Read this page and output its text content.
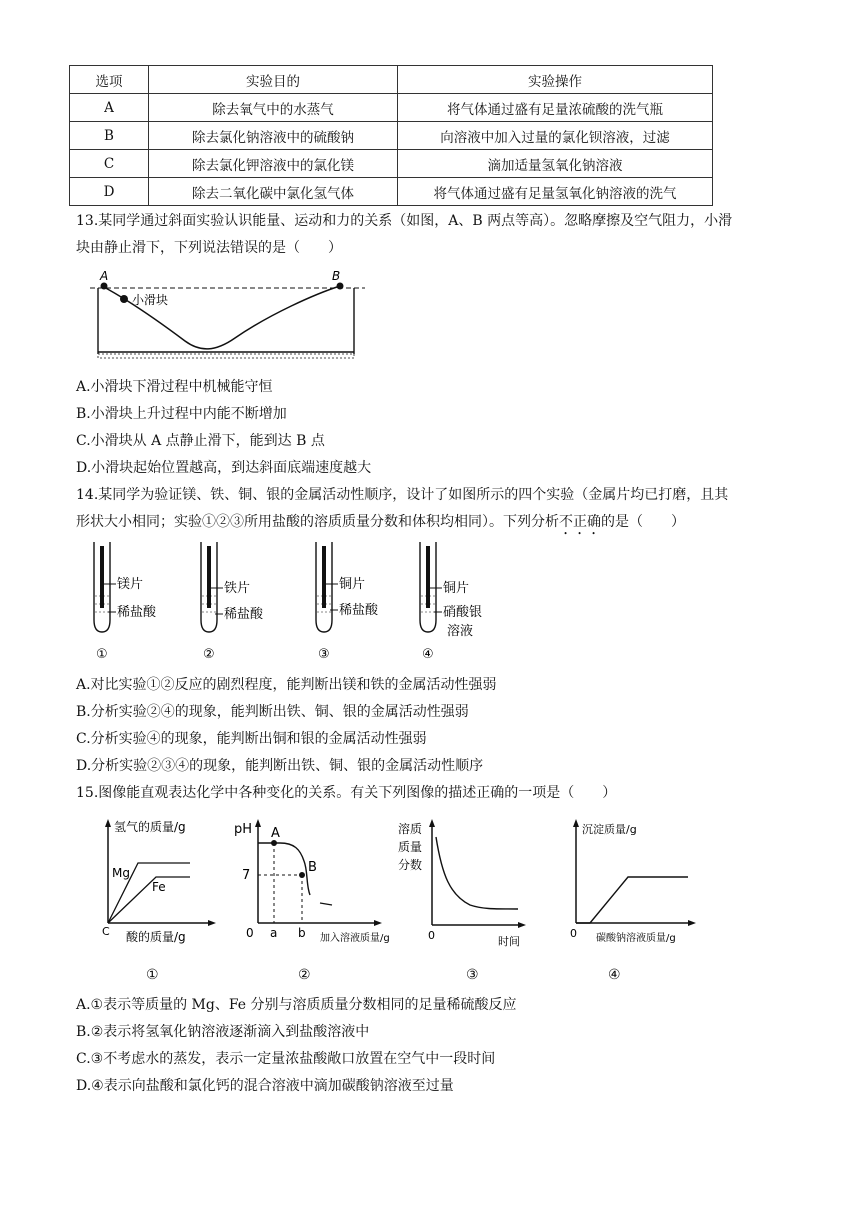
选项	实验目的	实验操作
A	除去氧气中的水蒸气	将气体通过盛有足量浓硫酸的洗气瓶
B	除去氯化钠溶液中的硫酸钠	向溶液中加入过量的氯化钡溶液，过滤
C	除去氯化钾溶液中的氯化镁	滴加适量氢氧化钠溶液
D	除去二氧化碳中氯化氢气体	将气体通过盛有足量氢氧化钠溶液的洗气
13.某同学通过斜面实验认识能量、运动和力的关系（如图，A、B 两点等高）。忽略摩擦及空气阻力，小滑
块由静止滑下，下列说法错误的是（　　）
A	B
小滑块
A.小滑块下滑过程中机械能守恒
B.小滑块上升过程中内能不断增加
C.小滑块从 A 点静止滑下，能到达 B 点
D.小滑块起始位置越高，到达斜面底端速度越大
14.某同学为验证镁、铁、铜、银的金属活动性顺序，设计了如图所示的四个实验（金属片均已打磨，且其
形状大小相同；实验①②③所用盐酸的溶质质量分数和体积均相同）。下列分析不正确的是（　　）
镁片
稀盐酸
①
铁片
稀盐酸
②
铜片
稀盐酸
③
铜片
硝酸银
溶液
④
A.对比实验①②反应的剧烈程度，能判断出镁和铁的金属活动性强弱
B.分析实验②④的现象，能判断出铁、铜、银的金属活动性强弱
C.分析实验④的现象，能判断出铜和银的金属活动性强弱
D.分析实验②③④的现象，能判断出铁、铜、银的金属活动性顺序
15.图像能直观表达化学中各种变化的关系。有关下列图像的描述正确的一项是（　　）
氢气的质量/g
Mg
Fe
C 酸的质量/g
pH A
B
7
0 a b 加入溶液质量/g
溶质
质量
分数
0	时间
沉淀质量/g
0 碳酸钠溶液质量/g
①	②	③	④
A.①表示等质量的 Mg、Fe 分别与溶质质量分数相同的足量稀硫酸反应
B.②表示将氢氧化钠溶液逐渐滴入到盐酸溶液中
C.③不考虑水的蒸发，表示一定量浓盐酸敞口放置在空气中一段时间
D.④表示向盐酸和氯化钙的混合溶液中滴加碳酸钠溶液至过量
